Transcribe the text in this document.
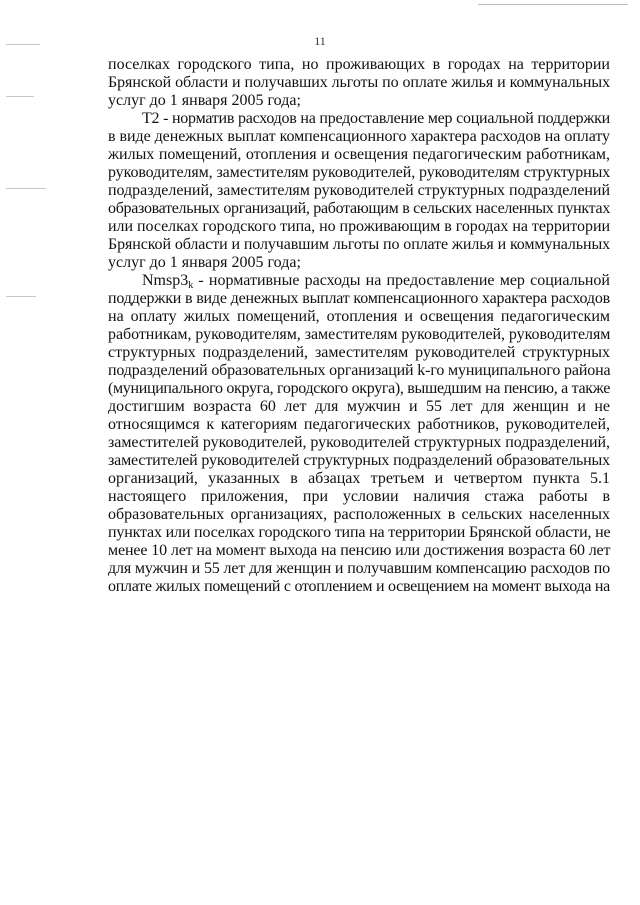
11
поселках городского типа, но проживающих в городах на территории
Брянской области и получавших льготы по оплате жилья и коммунальных
услуг до 1 января 2005 года;
Т2 - норматив расходов на предоставление мер социальной поддержки
в виде денежных выплат компенсационного характера расходов на оплату
жилых помещений, отопления и освещения педагогическим работникам,
руководителям, заместителям руководителей, руководителям структурных
подразделений, заместителям руководителей структурных подразделений
образовательных организаций, работающим в сельских населенных пунктах
или поселках городского типа, но проживающим в городах на территории
Брянской области и получавшим льготы по оплате жилья и коммунальных
услуг до 1 января 2005 года;
$Nmsp3_k$ - нормативные расходы на предоставление мер социальной
поддержки в виде денежных выплат компенсационного характера расходов
на оплату жилых помещений, отопления и освещения педагогическим
работникам, руководителям, заместителям руководителей, руководителям
структурных подразделений, заместителям руководителей структурных
подразделений образовательных организаций k-го муниципального района
(муниципального округа, городского округа), вышедшим на пенсию, а также
достигшим возраста 60 лет для мужчин и 55 лет для женщин и не
относящимся к категориям педагогических работников, руководителей,
заместителей руководителей, руководителей структурных подразделений,
заместителей руководителей структурных подразделений образовательных
организаций, указанных в абзацах третьем и четвертом пункта 5.1
настоящего приложения, при условии наличия стажа работы в
образовательных организациях, расположенных в сельских населенных
пунктах или поселках городского типа на территории Брянской области, не
менее 10 лет на момент выхода на пенсию или достижения возраста 60 лет
для мужчин и 55 лет для женщин и получавшим компенсацию расходов по
оплате жилых помещений с отоплением и освещением на момент выхода на
